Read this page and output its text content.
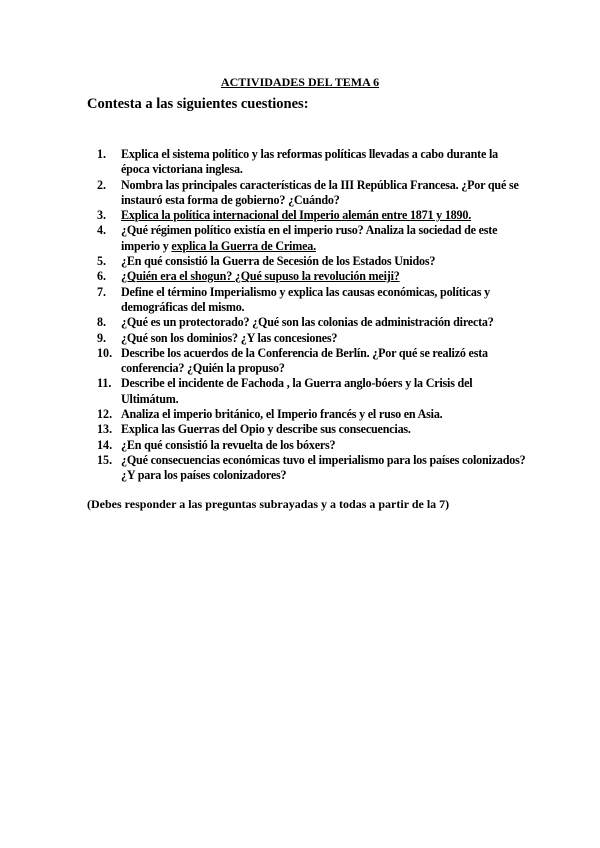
ACTIVIDADES DEL TEMA 6
Contesta a las siguientes cuestiones:
1.	Explica el sistema político y las reformas políticas llevadas a cabo durante la época victoriana inglesa.
2.	Nombra las principales características de la III República Francesa. ¿Por qué se instauró esta forma de gobierno? ¿Cuándo?
3.	Explica la política internacional del Imperio alemán entre 1871 y 1890.
4.	¿Qué régimen político existía en el imperio ruso? Analiza la sociedad de este imperio y explica la Guerra de Crimea.
5.	¿En qué consistió la Guerra de Secesión de los Estados Unidos?
6.	¿Quién era el shogun? ¿Qué supuso la revolución meiji?
7.	Define el término Imperialismo y explica las causas económicas, políticas y demográficas del mismo.
8.	¿Qué es un protectorado? ¿Qué son las colonias de administración directa?
9.	¿Qué son los dominios? ¿Y las concesiones?
10. Describe los acuerdos de la Conferencia de Berlín. ¿Por qué se realizó esta conferencia? ¿Quién la propuso?
11. Describe el incidente de Fachoda , la Guerra anglo-bóers y la Crisis del Ultimátum.
12. Analiza el imperio británico, el Imperio francés y el ruso en Asia.
13. Explica las Guerras del Opio y describe sus consecuencias.
14. ¿En qué consistió la revuelta de los bóxers?
15. ¿Qué consecuencias económicas tuvo el imperialismo para los países colonizados? ¿Y para los países colonizadores?
(Debes responder a las preguntas subrayadas y a todas a partir de la 7)
